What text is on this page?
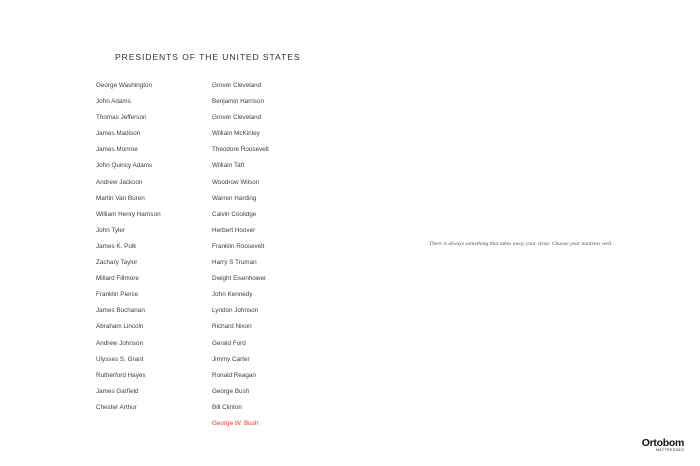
PRESIDENTS OF THE UNITED STATES
George Washington
John Adams
Thomas Jefferson
James Madison
James Monroe
John Quincy Adams
Andrew Jackson
Martin Van Buren
William Henry Harrison
John Tyler
James K. Polk
Zachary Taylor
Millard Fillmore
Franklin Pierce
James Buchanan
Abraham Lincoln
Andrew Johnson
Ulysses S. Grant
Rutherford Hayes
James Garfield
Chester Arthur
Grover Cleveland
Benjamin Harrison
Grover Cleveland
William McKinley
Theodore Roosevelt
William Taft
Woodrow Wilson
Warren Harding
Calvin Coolidge
Herbert Hoover
Franklin Roosevelt
Harry S Truman
Dwight Eisenhower
John Kennedy
Lyndon Johnson
Richard Nixon
Gerald Ford
Jimmy Carter
Ronald Reagan
George Bush
Bill Clinton
George W. Bush
There is always something that takes away your sleep. Choose your mattress well.
Ortobom
MATTRESSES
